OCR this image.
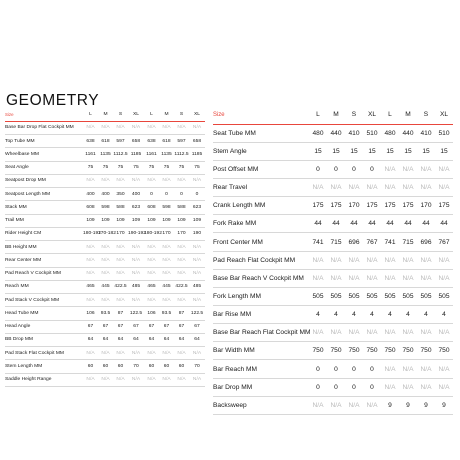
GEOMETRY
Size	L	M	S	XL	L	M	S	XL
Base Bar Drop Flat Cockpit MM	N/A	N/A	N/A	N/A	N/A	N/A	N/A	N/A
Top Tube MM	638	618	597	658	638	618	597	658
Wheelbase MM	1161	1135	1112.5	1185	1161	1135	1112.5	1185
Seat Angle	75	75	75	75	75	75	75	75
Seatpost Drop MM	N/A	N/A	N/A	N/A	N/A	N/A	N/A	N/A
Seatpost Length MM	400	400	350	400	0	0	0	0
Stack MM	608	598	588	623	608	598	588	623
Trail MM	109	109	109	109	109	109	109	109
Rider Height CM	180-192	170-182	170	190-192	180-192	170	170	190
BB Height MM	N/A	N/A	N/A	N/A	N/A	N/A	N/A	N/A
Rear Center MM	N/A	N/A	N/A	N/A	N/A	N/A	N/A	N/A
Pad Reach V Cockpit MM	N/A	N/A	N/A	N/A	N/A	N/A	N/A	N/A
Reach MM	465	445	422.5	485	465	445	422.5	485
Pad Stack V Cockpit MM	N/A	N/A	N/A	N/A	N/A	N/A	N/A	N/A
Head Tube MM	106	93.5	87	122.5	106	93.5	87	122.5
Head Angle	67	67	67	67	67	67	67	67
BB Drop MM	64	64	64	64	64	64	64	64
Pad Stack Flat Cockpit MM	N/A	N/A	N/A	N/A	N/A	N/A	N/A	N/A
Stem Length MM	60	60	60	70	60	60	60	70
Saddle Height Range	N/A	N/A	N/A	N/A	N/A	N/A	N/A	N/A
Size	L	M	S	XL	L	M	S	XL
Seat Tube MM	480	440	410	510	480	440	410	510
Stem Angle	15	15	15	15	15	15	15	15
Post Offset MM	0	0	0	0	N/A	N/A	N/A	N/A
Rear Travel	N/A	N/A	N/A	N/A	N/A	N/A	N/A	N/A
Crank Length MM	175	175	170	175	175	175	170	175
Fork Rake MM	44	44	44	44	44	44	44	44
Front Center MM	741	715	696	767	741	715	696	767
Pad Reach Flat Cockpit MM	N/A	N/A	N/A	N/A	N/A	N/A	N/A	N/A
Base Bar Reach V Cockpit MM	N/A	N/A	N/A	N/A	N/A	N/A	N/A	N/A
Fork Length MM	505	505	505	505	505	505	505	505
Bar Rise MM	4	4	4	4	4	4	4	4
Base Bar Reach Flat Cockpit MM	N/A	N/A	N/A	N/A	N/A	N/A	N/A	N/A
Bar Width MM	750	750	750	750	750	750	750	750
Bar Reach MM	0	0	0	0	N/A	N/A	N/A	N/A
Bar Drop MM	0	0	0	0	N/A	N/A	N/A	N/A
Backsweep	N/A	N/A	N/A	N/A	9	9	9	9
